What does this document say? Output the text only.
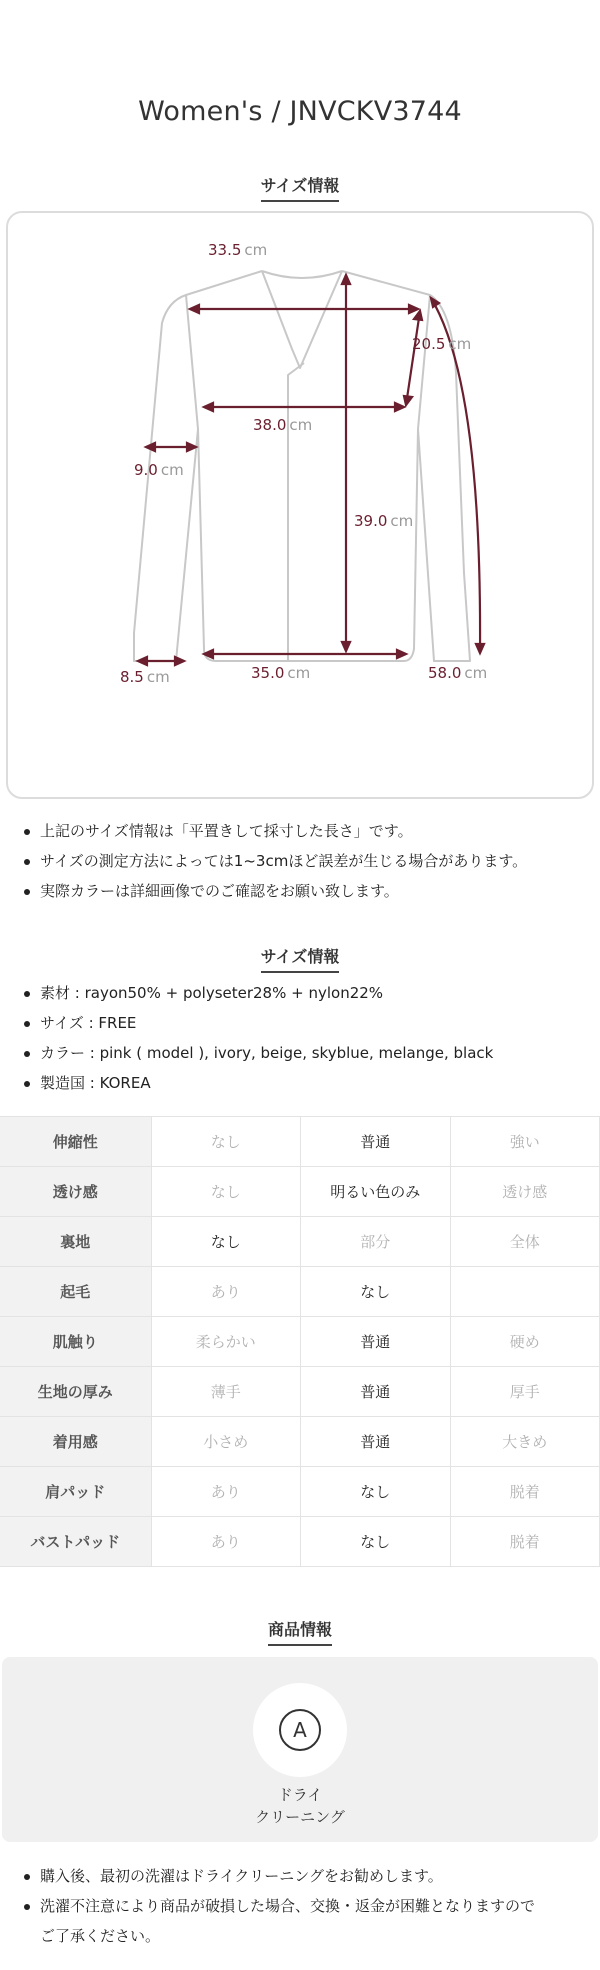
Women's / JNVCKV3744
サイズ情報
33.5 cm
20.5 cm
38.0 cm
9.0 cm
39.0 cm
8.5 cm	35.0 cm	58.0 cm
上記のサイズ情報は「平置きして採寸した長さ」です。
サイズの測定方法によっては1~3cmほど誤差が生じる場合があります。
実際カラーは詳細画像でのご確認をお願い致します。
サイズ情報
素材 : rayon50% + polyseter28% + nylon22%
サイズ : FREE
カラー : pink ( model ), ivory, beige, skyblue, melange, black
製造国 : KOREA
伸縮性	なし	普通	強い
透け感	なし	明るい色のみ	透け感
裏地	なし	部分	全体
起毛	あり	なし	
肌触り	柔らかい	普通	硬め
生地の厚み	薄手	普通	厚手
着用感	小さめ	普通	大きめ
肩パッド	あり	なし	脱着
バストパッド	あり	なし	脱着
商品情報
A
ドライ
クリーニング
購入後、最初の洗濯はドライクリーニングをお勧めします。
洗濯不注意により商品が破損した場合、交換・返金が困難となりますので
ご了承ください。
